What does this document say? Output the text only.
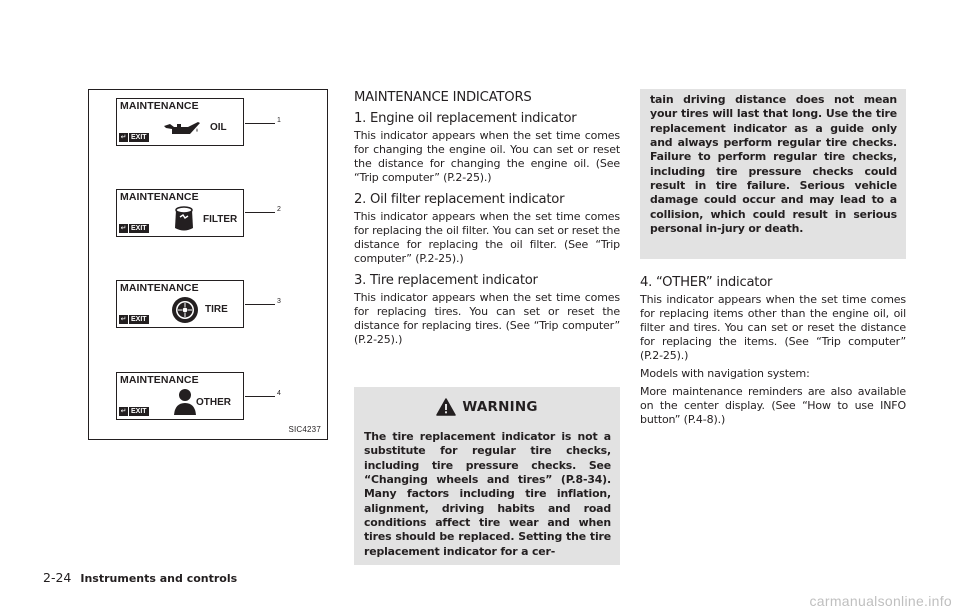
MAINTENANCE
OIL
↵ EXIT
1
MAINTENANCE
FILTER
↵ EXIT
2
MAINTENANCE
TIRE
↵ EXIT
3
MAINTENANCE
OTHER
↵ EXIT
4
SIC4237
MAINTENANCE INDICATORS
1. Engine oil replacement indicator
This indicator appears when the set time comes for changing the engine oil. You can set or reset the distance for changing the engine oil. (See “Trip computer” (P.2-25).)
2. Oil filter replacement indicator
This indicator appears when the set time comes for replacing the oil filter. You can set or reset the distance for replacing the oil filter. (See “Trip computer” (P.2-25).)
3. Tire replacement indicator
This indicator appears when the set time comes for replacing tires. You can set or reset the distance for replacing tires. (See “Trip computer” (P.2-25).)
WARNING
The tire replacement indicator is not a substitute for regular tire checks, including tire pressure checks. See “Changing wheels and tires” (P.8-34). Many factors including tire inflation, alignment, driving habits and road conditions affect tire wear and when tires should be replaced. Setting the tire replacement indicator for a cer-
tain driving distance does not mean your tires will last that long. Use the tire replacement indicator as a guide only and always perform regular tire checks. Failure to perform regular tire checks, including tire pressure checks could result in tire failure. Serious vehicle damage could occur and may lead to a collision, which could result in serious personal in-jury or death.
4. “OTHER” indicator
This indicator appears when the set time comes for replacing items other than the engine oil, oil filter and tires. You can set or reset the distance for replacing the items. (See “Trip computer” (P.2-25).)
Models with navigation system:
More maintenance reminders are also available on the center display. (See “How to use INFO button” (P.4-8).)
2-24 Instruments and controls
carmanualsonline.info
